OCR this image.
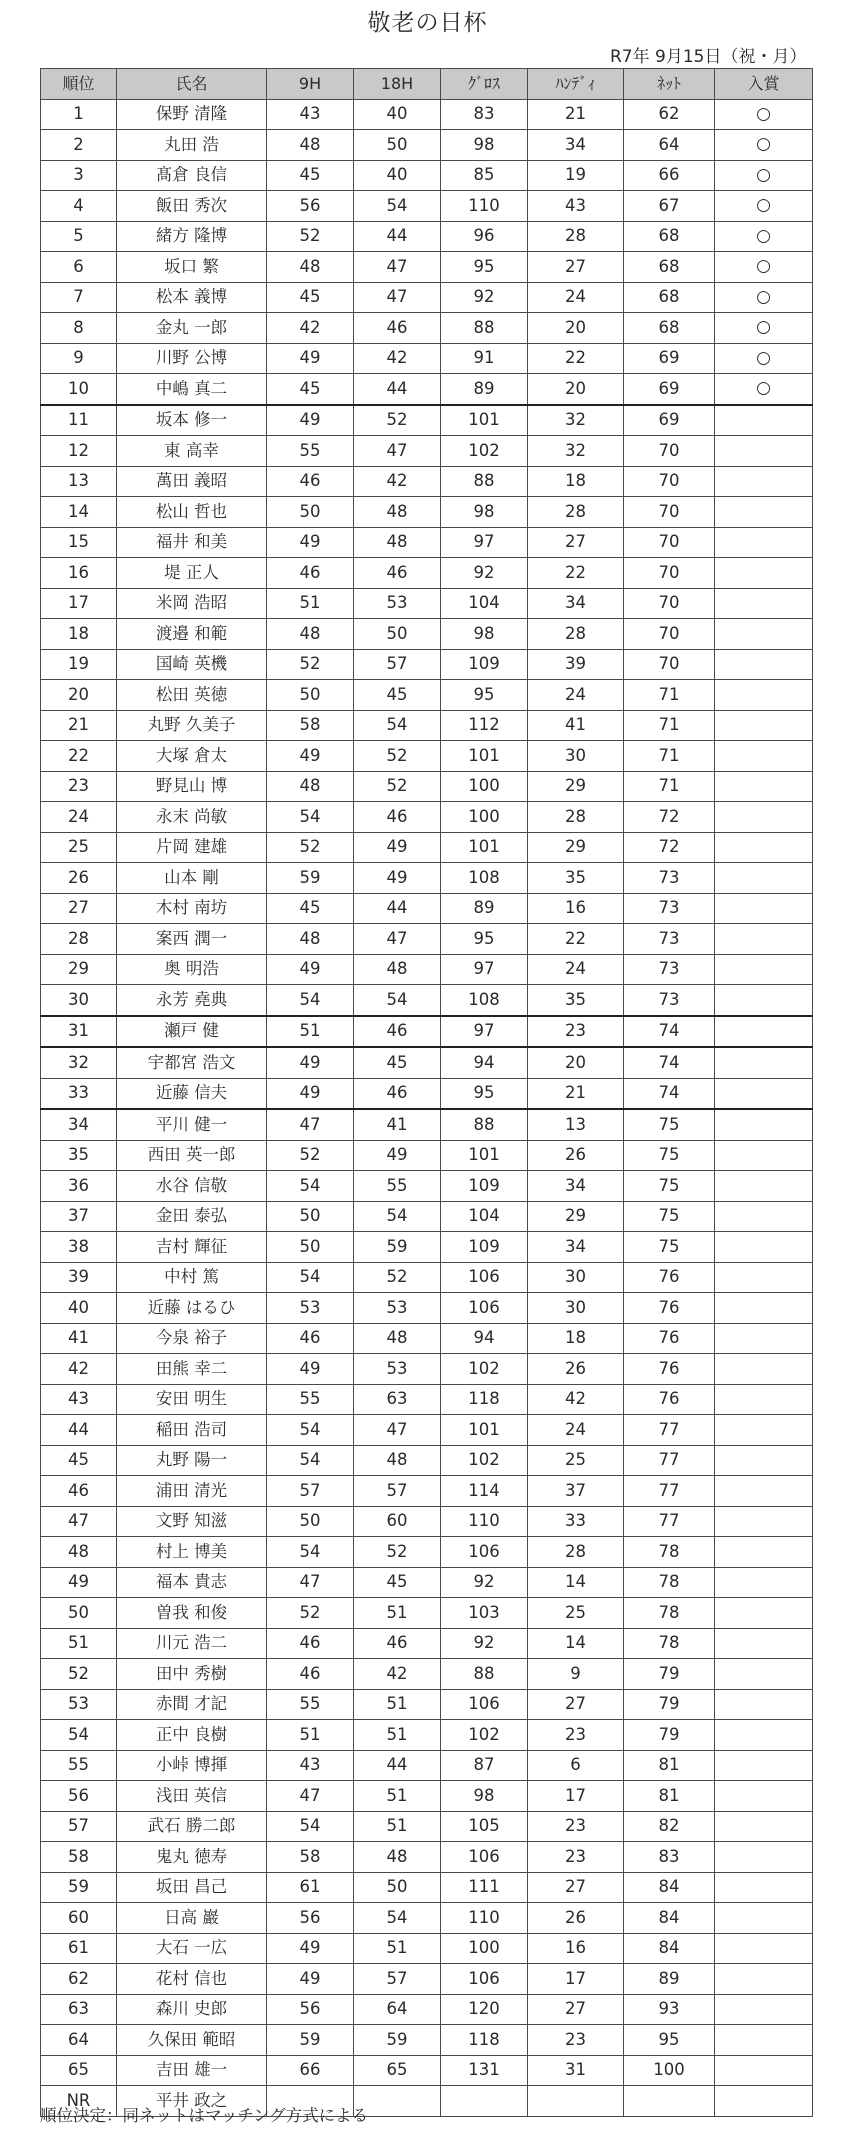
敬老の日杯
R7年 9月15日（祝・月）
順位	氏名	9H	18H	ｸﾞﾛｽ	ﾊﾝﾃﾞｨ	ﾈｯﾄ	入賞
1	保野 清隆	43	40	83	21	62	○
2	丸田 浩	48	50	98	34	64	○
3	髙倉 良信	45	40	85	19	66	○
4	飯田 秀次	56	54	110	43	67	○
5	緒方 隆博	52	44	96	28	68	○
6	坂口 繁	48	47	95	27	68	○
7	松本 義博	45	47	92	24	68	○
8	金丸 一郎	42	46	88	20	68	○
9	川野 公博	49	42	91	22	69	○
10	中嶋 真二	45	44	89	20	69	○
11	坂本 修一	49	52	101	32	69	
12	東 高幸	55	47	102	32	70	
13	萬田 義昭	46	42	88	18	70	
14	松山 哲也	50	48	98	28	70	
15	福井 和美	49	48	97	27	70	
16	堤 正人	46	46	92	22	70	
17	米岡 浩昭	51	53	104	34	70	
18	渡邉 和範	48	50	98	28	70	
19	国崎 英機	52	57	109	39	70	
20	松田 英徳	50	45	95	24	71	
21	丸野 久美子	58	54	112	41	71	
22	大塚 倉太	49	52	101	30	71	
23	野見山 博	48	52	100	29	71	
24	永末 尚敏	54	46	100	28	72	
25	片岡 建雄	52	49	101	29	72	
26	山本 剛	59	49	108	35	73	
27	木村 南坊	45	44	89	16	73	
28	案西 潤一	48	47	95	22	73	
29	奥 明浩	49	48	97	24	73	
30	永芳 堯典	54	54	108	35	73	
31	瀬戸 健	51	46	97	23	74	
32	宇都宮 浩文	49	45	94	20	74	
33	近藤 信夫	49	46	95	21	74	
34	平川 健一	47	41	88	13	75	
35	西田 英一郎	52	49	101	26	75	
36	水谷 信敬	54	55	109	34	75	
37	金田 泰弘	50	54	104	29	75	
38	吉村 輝征	50	59	109	34	75	
39	中村 篤	54	52	106	30	76	
40	近藤 はるひ	53	53	106	30	76	
41	今泉 裕子	46	48	94	18	76	
42	田熊 幸二	49	53	102	26	76	
43	安田 明生	55	63	118	42	76	
44	稲田 浩司	54	47	101	24	77	
45	丸野 陽一	54	48	102	25	77	
46	浦田 清光	57	57	114	37	77	
47	文野 知滋	50	60	110	33	77	
48	村上 博美	54	52	106	28	78	
49	福本 貴志	47	45	92	14	78	
50	曽我 和俊	52	51	103	25	78	
51	川元 浩二	46	46	92	14	78	
52	田中 秀樹	46	42	88	9	79	
53	赤間 才記	55	51	106	27	79	
54	正中 良樹	51	51	102	23	79	
55	小峠 博揮	43	44	87	6	81	
56	浅田 英信	47	51	98	17	81	
57	武石 勝二郎	54	51	105	23	82	
58	鬼丸 徳寿	58	48	106	23	83	
59	坂田 昌己	61	50	111	27	84	
60	日高 巖	56	54	110	26	84	
61	大石 一広	49	51	100	16	84	
62	花村 信也	49	57	106	17	89	
63	森川 史郎	56	64	120	27	93	
64	久保田 範昭	59	59	118	23	95	
65	吉田 雄一	66	65	131	31	100	
NR	平井 政之						
順位決定：同ネットはマッチング方式による
